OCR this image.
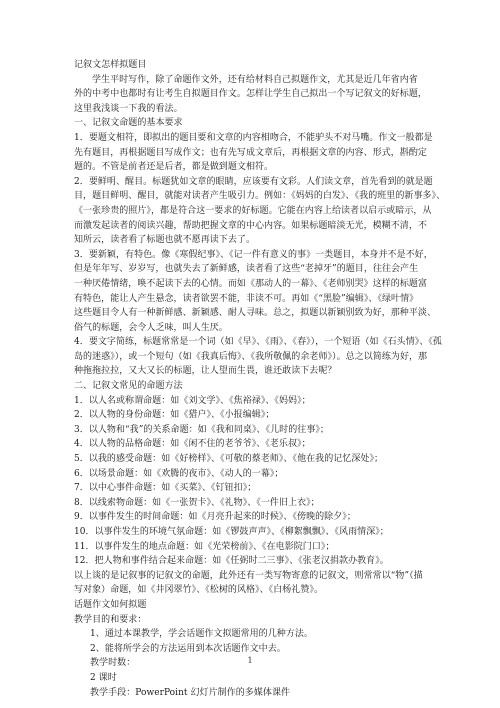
记叙文怎样拟题目
学生平时写作，除了命题作文外，还有给材料自己拟题作文，尤其是近几年省内省
外的中考中也都时有让考生自拟题目作文。怎样让学生自己拟出一个写记叙文的好标题，
这里我浅谈一下我的看法。
一、记叙文命题的基本要求
1．要题文相符，即拟出的题目要和文章的内容相吻合，不能驴头不对马嘴。作文一般都是
先有题目，再根据题目写成作文；也有先写成文章后，再根据文章的内容、形式，斟酌定
题的。不管是前者还是后者，都是做到题文相符。
2．要鲜明、醒目。标题犹如文章的眼睛，应该要有文彩。人们读文章，首先看到的就是题
目，题目鲜明、醒目，就能对读者产生吸引力。例如：《妈妈的白发》、《我的班里的新事多》、
《一张珍贵的照片》，都是符合这一要求的好标题。它能在内容上给读者以启示或暗示，从
而激发起读者的阅读兴趣，帮助把握文章的中心内容。如果标题暗淡无光，模糊不清，不
知所云，读者看了标题也就不愿再读下去了。
3．要新颖，有特色。像《寒假纪事》、《记一件有意义的事》一类题目，本身并不是不好，
但是年年写、岁岁写，也就失去了新鲜感，读者看了这些“老掉牙”的题目，往往会产生
一种厌倦情绪，唤不起读下去的心情。而如《那动人的一幕》、《老师别哭》这样的标题富
有特色，能让人产生悬念，读者欲罢不能，非读不可。再如《“黑脸”编辑》、《绿叶情》
这些题目令人有一种新鲜感、新颖感、耐人寻味。总之，拟题以新颖别致为好，那种平淡、
俗气的标题，会令人乏味，叫人生厌。
4．要文字简练，标题常常是一个词（如《早》、《雨》、《春》），一个短语（如《石头情》、《孤
岛的迷惑》），或一个短句（如《我真后悔》、《我所敬佩的余老师》）。总之以简练为好，那
种拖拖拉拉，又大又长的标题，让人望而生畏，谁还敢读下去呢？
二、记叙文常见的命题方法
1．以人名或称谓命题：如《刘文学》、《焦裕禄》、《妈妈》；
2．以人物的身份命题：如《猎户》、《小报编辑》；
3．以人物和“我”的关系命题：如《我和同桌》、《儿时的往事》；
4．以人物的品格命题：如《闲不住的老爷爷》、《老乐叔》；
5．以我的感受命题：如《好榜样》、《可敬的蔡老师》、《他在我的记忆深处》；
6．以场景命题：如《欢腾的夜市》、《动人的一幕》；
7．以中心事件命题：如《买菜》、《钉钮扣》；
8．以线索物命题：如《一张贺卡》、《礼物》、《一件旧上衣》；
9．以事件发生的时间命题：如《月亮升起来的时候》、《傍晚的除夕》；
10．以事件发生的环境气氛命题：如《锣鼓声声》、《柳絮飘飘》、《风雨情深》；
11．以事件发生的地点命题：如《光荣榜前》、《在电影院门口》；
12．把人物和事件结合起来命题：如《任弼时二三事》、《张老汉捐款办教育》。
以上谈的是记叙事的记叙文的命题，此外还有一类写物寄意的记叙文，则常常以“物”（描
写对象）命题，如《井冈翠竹》、《松树的风格》、《白杨礼赞》。
话题作文如何拟题
教学目的和要求：
1、通过本课教学，学会话题作文拟题常用的几种方法。
2、能将所学会的方法运用到本次话题作文中去。
教学时数：
2 课时
教学手段：PowerPoint 幻灯片制作的多媒体课件
1
